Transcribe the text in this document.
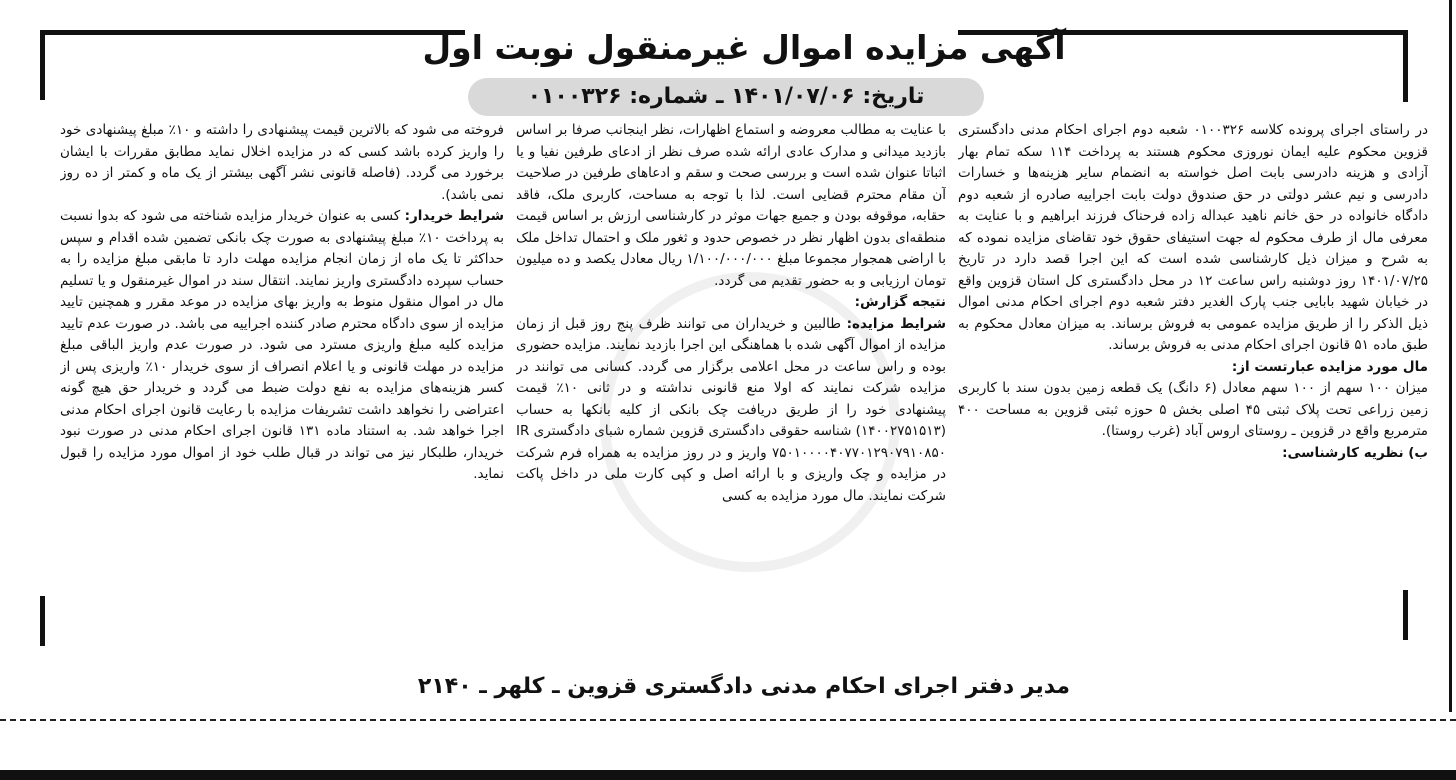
آگهی مزایده اموال غیرمنقول نوبت اول
تاریخ: ۱۴۰۱/۰۷/۰۶ ـ شماره: ۰۱۰۰۳۲۶

در راستای اجرای پرونده کلاسه ۰۱۰۰۳۲۶ شعبه دوم اجرای احکام مدنی دادگستری قزوین محکوم علیه ایمان نوروزی محکوم هستند به پرداخت ۱۱۴ سکه تمام بهار آزادی و هزینه دادرسی بابت اصل خواسته به انضمام سایر هزینه‌ها و خسارات دادرسی و نیم عشر دولتی در حق صندوق دولت بابت اجراییه صادره از شعبه دوم دادگاه خانواده در حق خانم ناهید عبداله زاده فرحناک فرزند ابراهیم و با عنایت به معرفی مال از طرف محکوم له جهت استیفای حقوق خود تقاضای مزایده نموده که به شرح و میزان ذیل کارشناسی شده است که این اجرا قصد دارد در تاریخ ۱۴۰۱/۰۷/۲۵ روز دوشنبه راس ساعت ۱۲ در محل دادگستری کل استان قزوین واقع در خیابان شهید بابایی جنب پارک الغدیر دفتر شعبه دوم اجرای احکام مدنی اموال ذیل الذکر را از طریق مزایده عمومی به فروش برساند. به میزان معادل محکوم به طبق ماده ۵۱ قانون اجرای احکام مدنی به فروش برساند.

مال مورد مزایده عبارتست از:

میزان ۱۰۰ سهم از ۱۰۰ سهم معادل (۶ دانگ) یک قطعه زمین بدون سند با کاربری زمین زراعی تحت پلاک ثبتی ۴۵ اصلی بخش ۵ حوزه ثبتی قزوین به مساحت ۴۰۰ مترمربع واقع در قزوین ـ روستای اروس آباد (غرب روستا).

ب) نظریه کارشناسی:

با عنایت به مطالب معروضه و استماع اظهارات، نظر اینجانب صرفا بر اساس بازدید میدانی و مدارک عادی ارائه شده صرف نظر از ادعای طرفین نفیا و یا اثباتا عنوان شده است و بررسی صحت و سقم و ادعاهای طرفین در صلاحیت آن مقام محترم قضایی است. لذا با توجه به مساحت، کاربری ملک، فاقد حقابه، موقوفه بودن و جمیع جهات موثر در کارشناسی ارزش بر اساس قیمت منطقه‌ای بدون اظهار نظر در خصوص حدود و ثغور ملک و احتمال تداخل ملک با اراضی همجوار مجموعا مبلغ ۱/۱۰۰/۰۰۰/۰۰۰ ریال معادل یکصد و ده میلیون تومان ارزیابی و به حضور تقدیم می گردد.

نتیجه گزارش:

شرایط مزایده: طالبین و خریداران می توانند ظرف پنج روز قبل از زمان مزایده از اموال آگهی شده با هماهنگی این اجرا بازدید نمایند. مزایده حضوری بوده و راس ساعت در محل اعلامی برگزار می گردد. کسانی می توانند در مزایده شرکت نمایند که اولا منع قانونی نداشته و در ثانی ۱۰٪ قیمت پیشنهادی خود را از طریق دریافت چک بانکی از کلیه بانکها به حساب (۱۴۰۰۲۷۵۱۵۱۳) شناسه حقوقی دادگستری قزوین شماره شبای دادگستری IR ۷۵۰۱۰۰۰۰۴۰۷۷۰۱۲۹۰۷۹۱۰۸۵۰ واریز و در روز مزایده به همراه فرم شرکت در مزایده و چک واریزی و با ارائه اصل و کپی کارت ملی در داخل پاکت شرکت نمایند. مال مورد مزایده به کسی

فروخته می شود که بالاترین قیمت پیشنهادی را داشته و ۱۰٪ مبلغ پیشنهادی خود را واریز کرده باشد کسی که در مزایده اخلال نماید مطابق مقررات با ایشان برخورد می گردد. (فاصله قانونی نشر آگهی بیشتر از یک ماه و کمتر از ده روز نمی باشد).

شرایط خریدار: کسی به عنوان خریدار مزایده شناخته می شود که بدوا نسبت به پرداخت ۱۰٪ مبلغ پیشنهادی به صورت چک بانکی تضمین شده اقدام و سپس حداکثر تا یک ماه از زمان انجام مزایده مهلت دارد تا مابقی مبلغ مزایده را به حساب سپرده دادگستری واریز نمایند. انتقال سند در اموال غیرمنقول و یا تسلیم مال در اموال منقول منوط به واریز بهای مزایده در موعد مقرر و همچنین تایید مزایده از سوی دادگاه محترم صادر کننده اجراییه می باشد. در صورت عدم تایید مزایده کلیه مبلغ واریزی مسترد می شود. در صورت عدم واریز الباقی مبلغ مزایده در مهلت قانونی و یا اعلام انصراف از سوی خریدار ۱۰٪ واریزی پس از کسر هزینه‌های مزایده به نفع دولت ضبط می گردد و خریدار حق هیچ گونه اعتراضی را نخواهد داشت تشریفات مزایده با رعایت قانون اجرای احکام مدنی اجرا خواهد شد. به استناد ماده ۱۳۱ قانون اجرای احکام مدنی در صورت نبود خریدار، طلبکار نیز می تواند در قبال طلب خود از اموال مورد مزایده را قبول نماید.

مدیر دفتر اجرای احکام مدنی دادگستری قزوین ـ کلهر ـ ۲۱۴۰
